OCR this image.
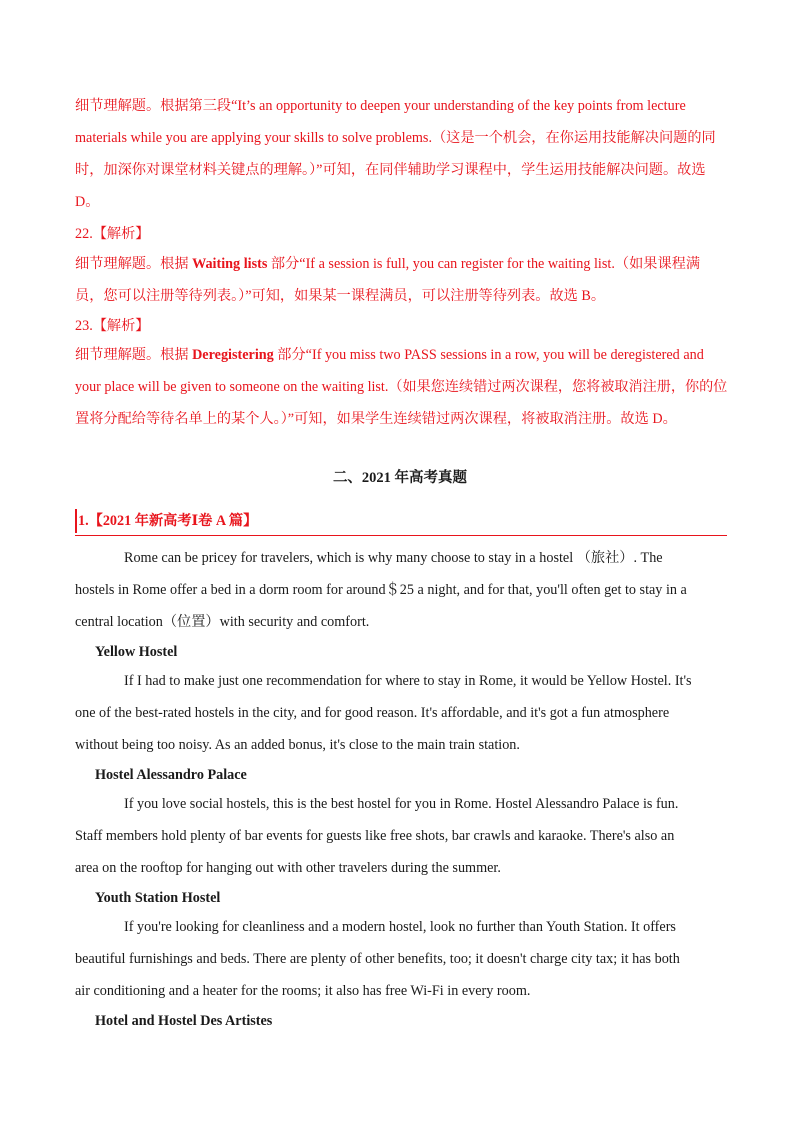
细节理解题。根据第三段“It’s an opportunity to deepen your understanding of the key points from lecture
materials while you are applying your skills to solve problems.（这是一个机会，在你运用技能解决问题的同
时，加深你对课堂材料关键点的理解。）”可知，在同伴辅助学习课程中，学生运用技能解决问题。故选
D。
22.【解析】
细节理解题。根据 Waiting lists 部分“If a session is full, you can register for the waiting list.（如果课程满
员，您可以注册等待列表。）”可知，如果某一课程满员，可以注册等待列表。故选 B。
23.【解析】
细节理解题。根据 Deregistering 部分“If you miss two PASS sessions in a row, you will be deregistered and
your place will be given to someone on the waiting list.（如果您连续错过两次课程，您将被取消注册，你的位
置将分配给等待名单上的某个人。）”可知，如果学生连续错过两次课程，将被取消注册。故选 D。
二、2021 年高考真题
1.【2021 年新高考Ⅰ卷 A 篇】
Rome can be pricey for travelers, which is why many choose to stay in a hostel （旅社）. The
hostels in Rome offer a bed in a dorm room for around＄25 a night, and for that, you'll often get to stay in a
central location（位置）with security and comfort.
Yellow Hostel
If I had to make just one recommendation for where to stay in Rome, it would be Yellow Hostel. It's
one of the best-rated hostels in the city, and for good reason. It's affordable, and it's got a fun atmosphere
without being too noisy. As an added bonus, it's close to the main train station.
Hostel Alessandro Palace
If you love social hostels, this is the best hostel for you in Rome. Hostel Alessandro Palace is fun.
Staff members hold plenty of bar events for guests like free shots, bar crawls and karaoke. There's also an
area on the rooftop for hanging out with other travelers during the summer.
Youth Station Hostel
If you're looking for cleanliness and a modern hostel, look no further than Youth Station. It offers
beautiful furnishings and beds. There are plenty of other benefits, too; it doesn't charge city tax; it has both
air conditioning and a heater for the rooms; it also has free Wi-Fi in every room.
Hotel and Hostel Des Artistes
